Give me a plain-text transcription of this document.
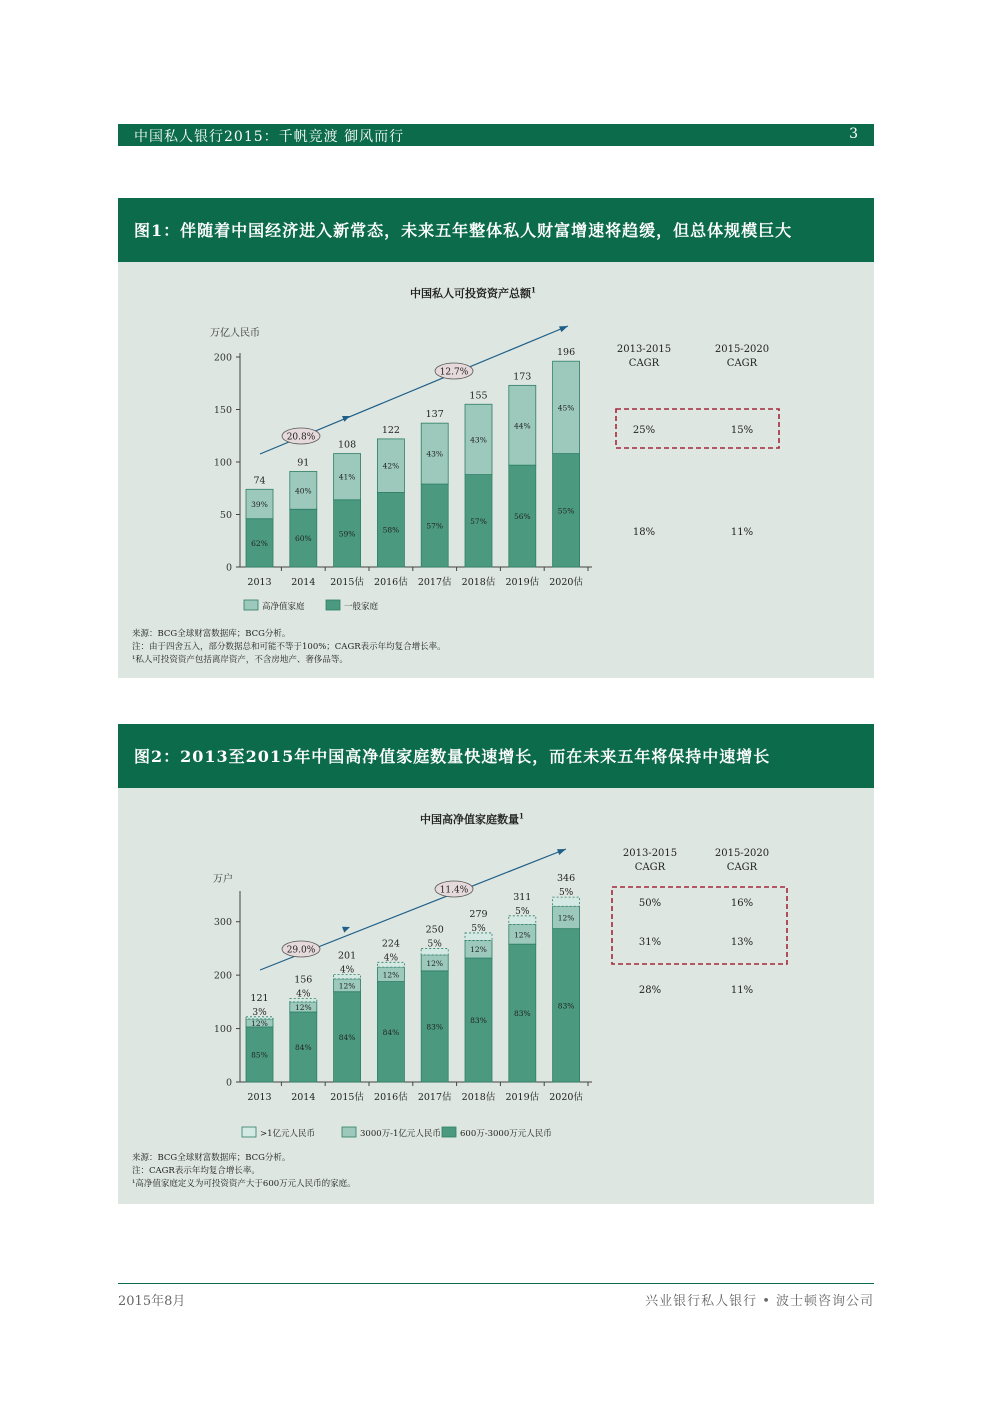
中国私人银行2015：千帆竞渡 御风而行	3
图1：伴随着中国经济进入新常态，未来五年整体私人财富增速将趋缓，但总体规模巨大
中国私人可投资资产总额$^1$
万亿人民币
0
50
100
150
200
2013
62%
39%
74
2014
60%
40%
91
2015估
59%
41%
108
2016估
58%
42%
122
2017估
57%
43%
137
2018估
57%
43%
155
2019估
56%
44%
173
2020估
55%
45%
196
20.8%
12.7%
高净值家庭	一般家庭
2013-2015
CAGR
2015-2020
CAGR
25%	15%
18%	11%
来源：BCG全球财富数据库；BCG分析。
注：由于四舍五入，部分数据总和可能不等于100%；CAGR表示年均复合增长率。
¹私人可投资资产包括离岸资产，不含房地产、奢侈品等。
图2：2013至2015年中国高净值家庭数量快速增长，而在未来五年将保持中速增长
中国高净值家庭数量$^1$
万户
0
100
200
300
2013
85%
12%
3%
121
2014
84%
12%
4%
156
2015估
84%
12%
4%
201
2016估
84%
12%
4%
224
2017估
83%
12%
5%
250
2018估
83%
12%
5%
279
2019估
83%
12%
5%
311
2020估
83%
12%
5%
346
29.0%
11.4%
>1亿元人民币	3000万-1亿元人民币 600万-3000万元人民币
2013-2015
CAGR
2015-2020
CAGR
50%	16%
31%	13%
28%	11%
来源：BCG全球财富数据库；BCG分析。
注：CAGR表示年均复合增长率。
¹高净值家庭定义为可投资资产大于600万元人民币的家庭。
2015年8月	兴业银行私人银行 • 波士顿咨询公司
